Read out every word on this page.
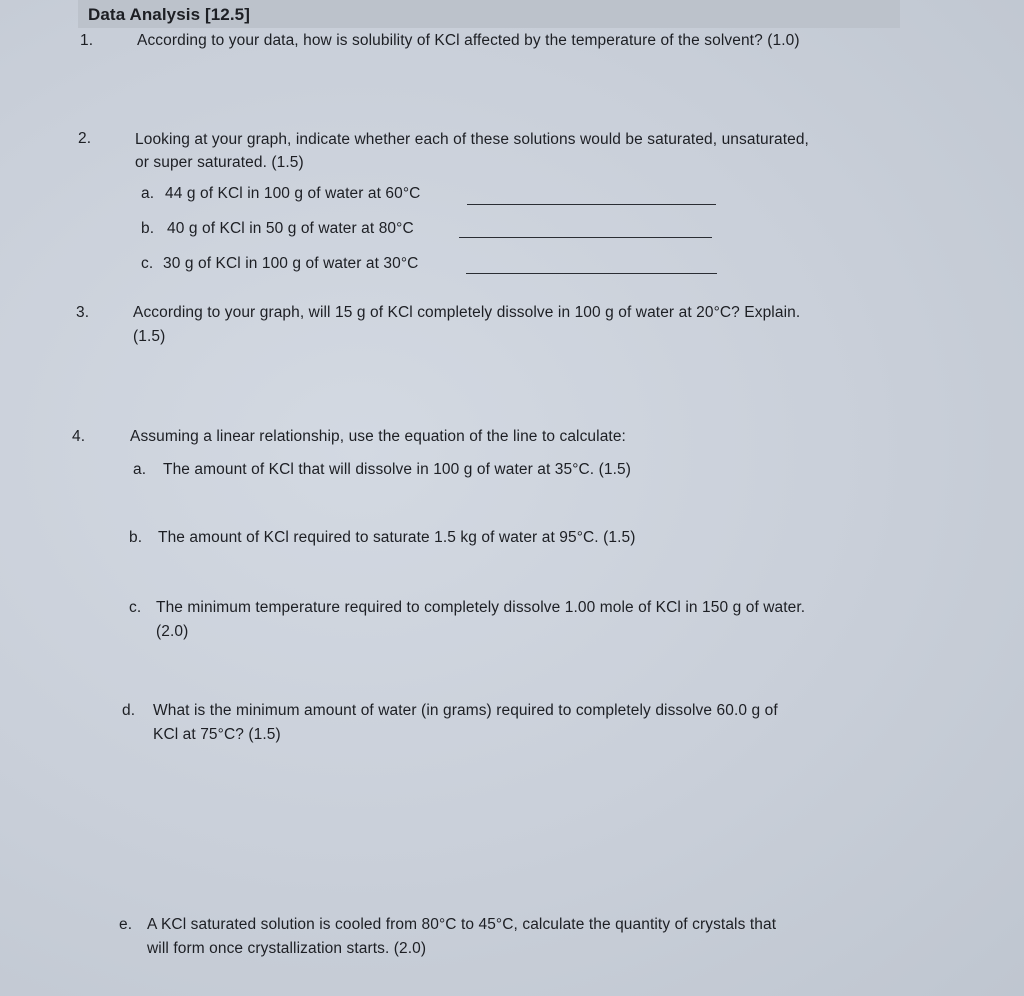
Data Analysis [12.5]
1.	According to your data, how is solubility of KCl affected by the temperature of the solvent? (1.0)
2.	Looking at your graph, indicate whether each of these solutions would be saturated, unsaturated,
or super saturated. (1.5)
a. 44 g of KCl in 100 g of water at 60°C
b. 40 g of KCl in 50 g of water at 80°C
c. 30 g of KCl in 100 g of water at 30°C
3.	According to your graph, will 15 g of KCl completely dissolve in 100 g of water at 20°C? Explain.
(1.5)
4.	Assuming a linear relationship, use the equation of the line to calculate:
a. The amount of KCl that will dissolve in 100 g of water at 35°C. (1.5)
b. The amount of KCl required to saturate 1.5 kg of water at 95°C. (1.5)
c. The minimum temperature required to completely dissolve 1.00 mole of KCl in 150 g of water.
(2.0)
d. What is the minimum amount of water (in grams) required to completely dissolve 60.0 g of
KCl at 75°C? (1.5)
e. A KCl saturated solution is cooled from 80°C to 45°C, calculate the quantity of crystals that
will form once crystallization starts. (2.0)
